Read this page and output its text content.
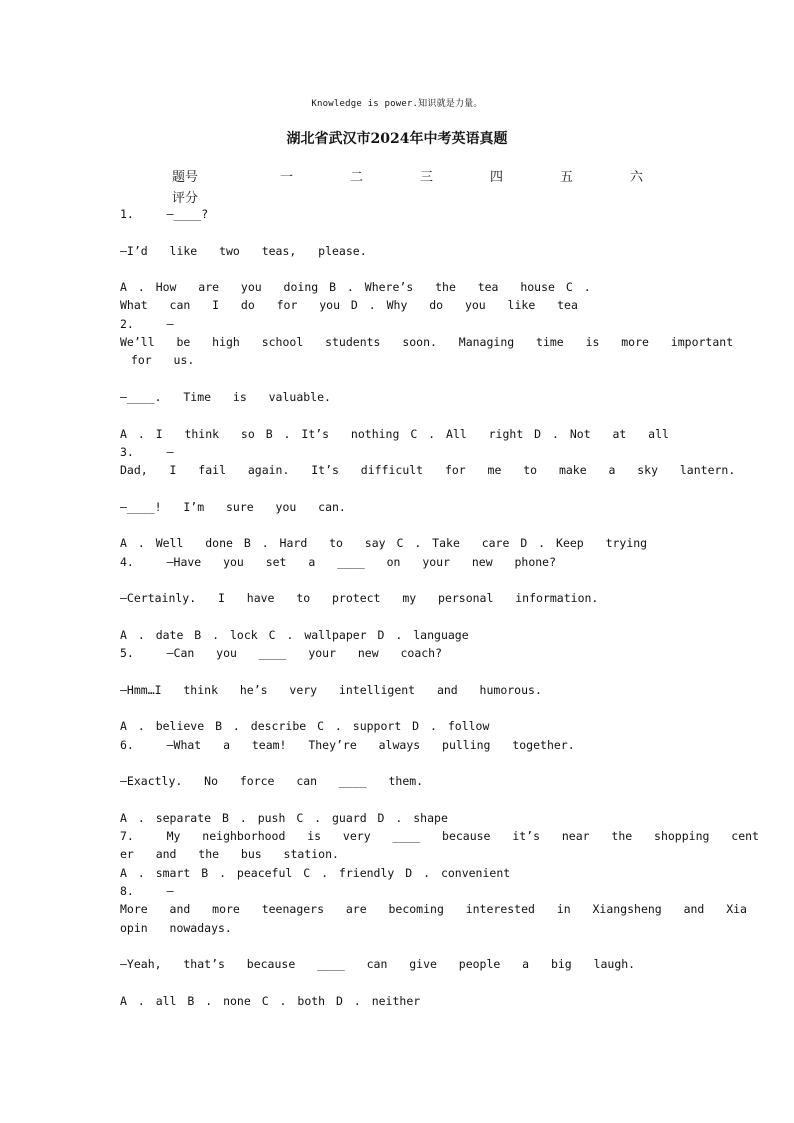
Knowledge is power.知识就是力量。
湖北省武汉市2024年中考英语真题
题号	一	二	三	四	五	六
评分
1.   —____?
—I’d  like  two  teas,  please.
A . How  are  you  doing B . Where’s  the  tea  house C .
What  can  I  do  for  you D . Why  do  you  like  tea
2.   —
We’ll  be  high  school  students  soon.  Managing  time  is  more  important
for  us.
—____.  Time  is  valuable.
A . I  think  so B . It’s  nothing C . All  right D . Not  at  all
3.   —
Dad,  I  fail  again.  It’s  difficult  for  me  to  make  a  sky  lantern.
—____!  I’m  sure  you  can.
A . Well  done B . Hard  to  say C . Take  care D . Keep  trying
4.   —Have  you  set  a  ____  on  your  new  phone?
—Certainly.  I  have  to  protect  my  personal  information.
A . date B . lock C . wallpaper D . language
5.   —Can  you  ____  your  new  coach?
—Hmm…I  think  he’s  very  intelligent  and  humorous.
A . believe B . describe C . support D . follow
6.   —What  a  team!  They’re  always  pulling  together.
—Exactly.  No  force  can  ____  them.
A . separate B . push C . guard D . shape
7.   My  neighborhood  is  very  ____  because  it’s  near  the  shopping  cent
er  and  the  bus  station.
A . smart B . peaceful C . friendly D . convenient
8.   —
More  and  more  teenagers  are  becoming  interested  in  Xiangsheng  and  Xia
opin  nowadays.
—Yeah,  that’s  because  ____  can  give  people  a  big  laugh.
A . all B . none C . both D . neither
